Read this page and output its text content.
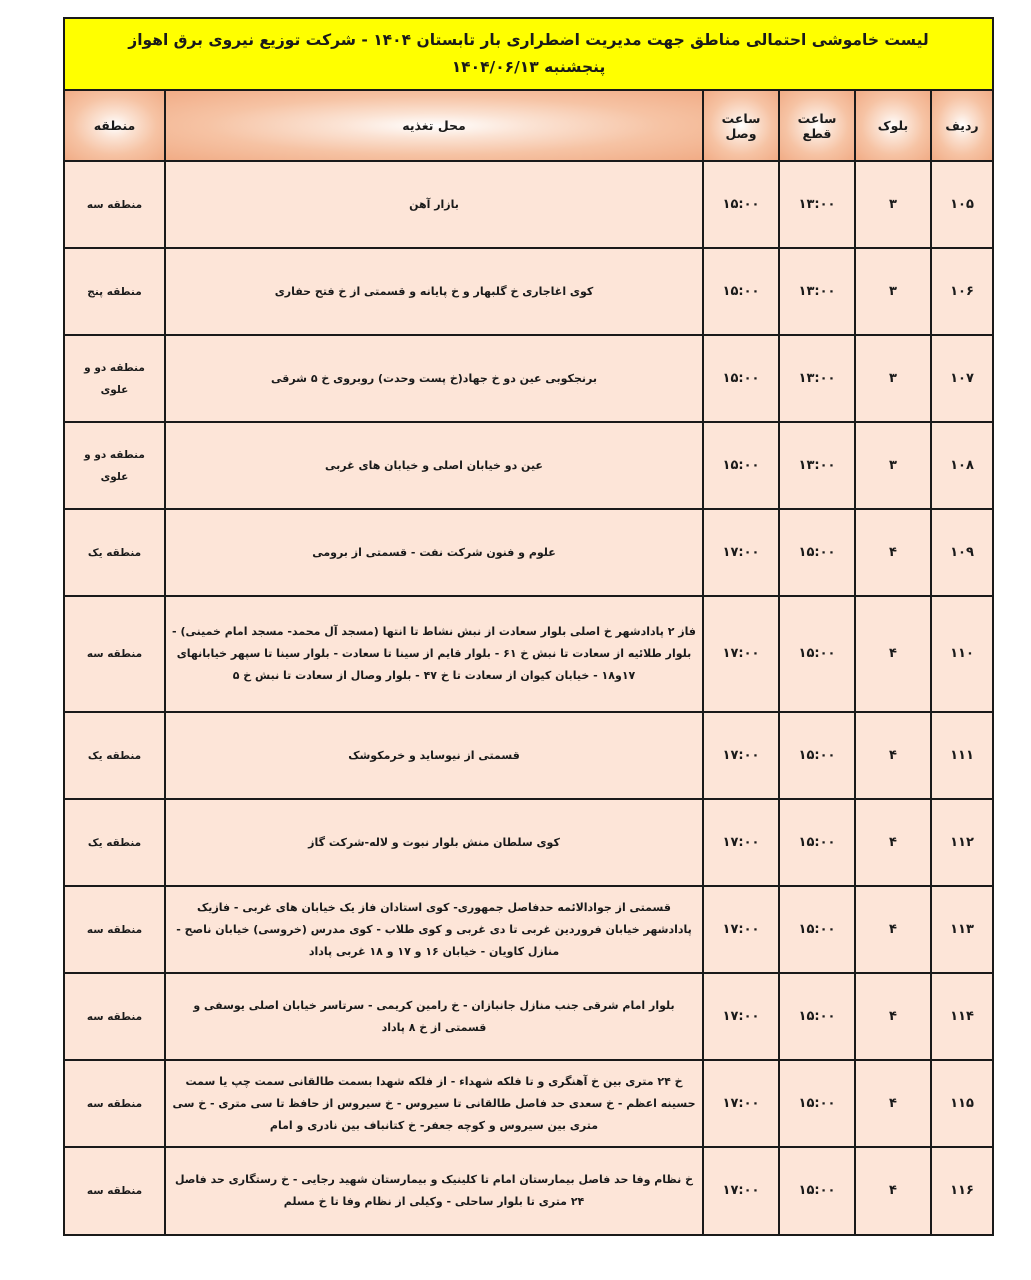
لیست خاموشی احتمالی مناطق جهت مدیریت اضطراری بار تابستان ۱۴۰۴ - شرکت توزیع نیروی برق اهواز
پنجشنبه ۱۴۰۴/۰۶/۱۳
ردیف	بلوک	ساعت قطع	ساعت وصل	محل تغذیه	منطقه
۱۰۵	۳	۱۳:۰۰	۱۵:۰۰	بازار آهن	منطقه سه
۱۰۶	۳	۱۳:۰۰	۱۵:۰۰	کوی اغاجاری خ گلبهار و خ پایانه و قسمتی از خ فتح حفاری	منطقه پنج
۱۰۷	۳	۱۳:۰۰	۱۵:۰۰	برنجکوبی عین دو خ جهاد(خ پست وحدت) روبروی خ ۵ شرقی	منطقه دو و علوی
۱۰۸	۳	۱۳:۰۰	۱۵:۰۰	عین دو خیابان اصلی و خیابان های غربی	منطقه دو و علوی
۱۰۹	۴	۱۵:۰۰	۱۷:۰۰	علوم و فنون شرکت نفت - قسمتی از برومی	منطقه یک
۱۱۰	۴	۱۵:۰۰	۱۷:۰۰	فاز ۲ پادادشهر خ اصلی بلوار سعادت از نبش نشاط تا انتها (مسجد آل محمد- مسجد امام خمینی) - بلوار طلائیه از سعادت تا نبش خ ۶۱ - بلوار قایم از سینا تا سعادت - بلوار سینا تا سپهر خیابانهای ۱۷و۱۸ - خیابان کیوان از سعادت تا خ ۴۷ - بلوار وصال از سعادت تا نبش خ ۵	منطقه سه
۱۱۱	۴	۱۵:۰۰	۱۷:۰۰	قسمتی از نیوساید و خرمکوشک	منطقه یک
۱۱۲	۴	۱۵:۰۰	۱۷:۰۰	کوی سلطان منش بلوار نبوت و لاله-شرکت گاز	منطقه یک
۱۱۳	۴	۱۵:۰۰	۱۷:۰۰	قسمتی از جوادالائمه حدفاصل جمهوری- کوی استادان فاز یک خیابان های غربی - فازیک پادادشهر خیابان فروردین غربی تا دی غربی و کوی طلاب - کوی مدرس (خروسی) خیابان ناصح - منازل کاویان - خیابان ۱۶ و ۱۷ و ۱۸ غربی پاداد	منطقه سه
۱۱۴	۴	۱۵:۰۰	۱۷:۰۰	بلوار امام شرقی جنب منازل جانبازان - خ رامین کریمی - سرتاسر خیابان اصلی یوسفی و قسمتی از خ ۸ پاداد	منطقه سه
۱۱۵	۴	۱۵:۰۰	۱۷:۰۰	خ ۲۴ متری بین خ آهنگری و تا فلکه شهداء - از فلکه شهدا بسمت طالقانی سمت چپ یا سمت حسینه اعظم - خ سعدی حد فاصل طالقانی تا سیروس - خ سیروس از حافظ تا سی متری - خ سی متری بین سیروس و کوچه جعفر- خ کتانباف بین نادری و امام	منطقه سه
۱۱۶	۴	۱۵:۰۰	۱۷:۰۰	خ نظام وفا حد فاصل بیمارستان امام تا کلینیک و بیمارستان شهید رجایی - خ رستگاری حد فاصل ۲۴ متری تا بلوار ساحلی - وکیلی از نظام وفا تا خ مسلم	منطقه سه
